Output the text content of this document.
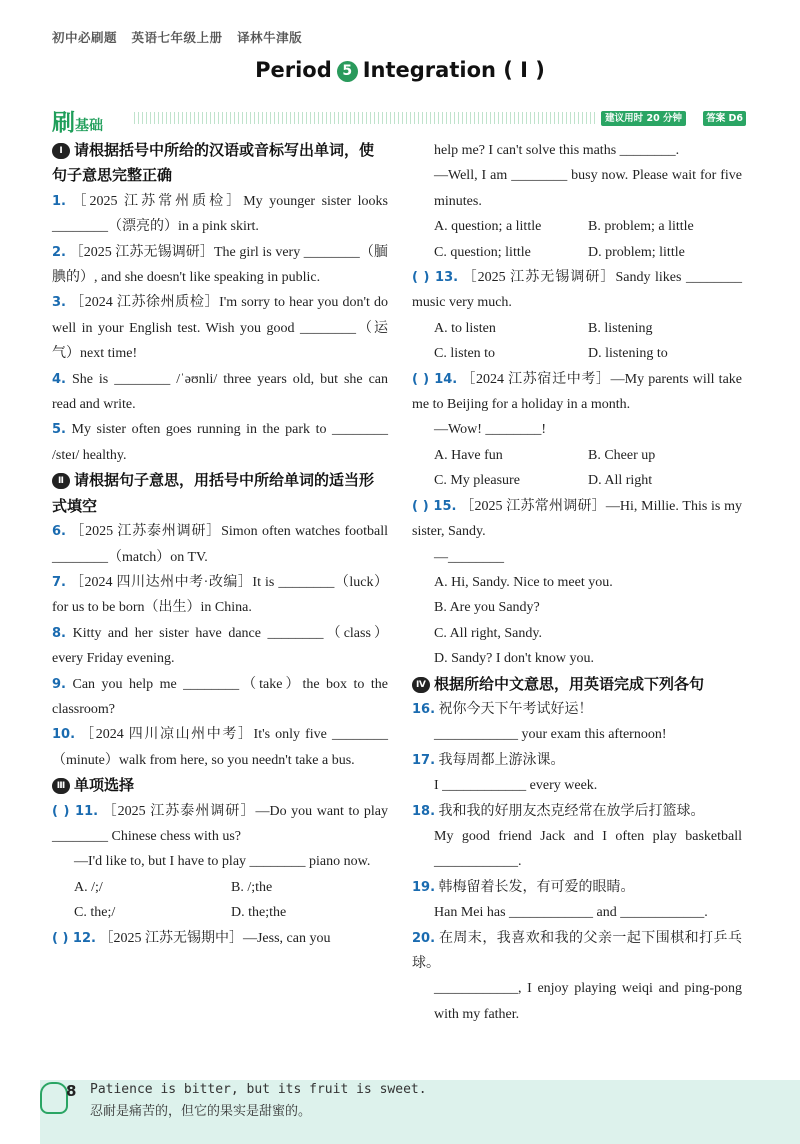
初中必刷题   英语七年级上册   译林牛津版
Period 5 Integration ( Ⅰ )
刷基础	建议用时 20 分钟	答案 D6
Ⅰ 请根据括号中所给的汉语或音标写出单词，使句子意思完整正确
1. ［2025 江苏常州质检］My younger sister looks ________（漂亮的）in a pink skirt.
2. ［2025 江苏无锡调研］The girl is very ________（腼腆的）, and she doesn't like speaking in public.
3. ［2024 江苏徐州质检］I'm sorry to hear you don't do well in your English test. Wish you good ________（运气）next time!
4. She is ________ /ˈəʊnli/ three years old, but she can read and write.
5. My sister often goes running in the park to ________ /steɪ/ healthy.
Ⅱ 请根据句子意思，用括号中所给单词的适当形式填空
6. ［2025 江苏泰州调研］Simon often watches football ________（match）on TV.
7. ［2024 四川达州中考·改编］It is ________（luck）for us to be born（出生）in China.
8. Kitty and her sister have dance ________（class）every Friday evening.
9. Can you help me ________（take）the box to the classroom?
10. ［2024 四川凉山州中考］It's only five ________（minute）walk from here, so you needn't take a bus.
Ⅲ 单项选择
( ) 11. ［2025 江苏泰州调研］—Do you want to play ________ Chinese chess with us?
—I'd like to, but I have to play ________ piano now.
A. /;/	B. /;the
C. the;/	D. the;the
( ) 12. ［2025 江苏无锡期中］—Jess, can you
help me? I can't solve this maths ________.
—Well, I am ________ busy now. Please wait for five minutes.
A. question; a little	B. problem; a little
C. question; little	D. problem; little
( ) 13. ［2025 江苏无锡调研］Sandy likes ________ music very much.
A. to listen	B. listening
C. listen to	D. listening to
( ) 14. ［2024 江苏宿迁中考］—My parents will take me to Beijing for a holiday in a month.
—Wow! ________!
A. Have fun	B. Cheer up
C. My pleasure	D. All right
( ) 15. ［2025 江苏常州调研］—Hi, Millie. This is my sister, Sandy.
—________
A. Hi, Sandy. Nice to meet you.
B. Are you Sandy?
C. All right, Sandy.
D. Sandy? I don't know you.
Ⅳ 根据所给中文意思，用英语完成下列各句
16. 祝你今天下午考试好运！
____________ your exam this afternoon!
17. 我每周都上游泳课。
I ____________ every week.
18. 我和我的好朋友杰克经常在放学后打篮球。
My good friend Jack and I often play basketball ____________.
19. 韩梅留着长发，有可爱的眼睛。
Han Mei has ____________ and ____________.
20. 在周末，我喜欢和我的父亲一起下围棋和打乒乓球。
____________, I enjoy playing weiqi and ping-pong with my father.
8 Patience is bitter, but its fruit is sweet.
忍耐是痛苦的，但它的果实是甜蜜的。
